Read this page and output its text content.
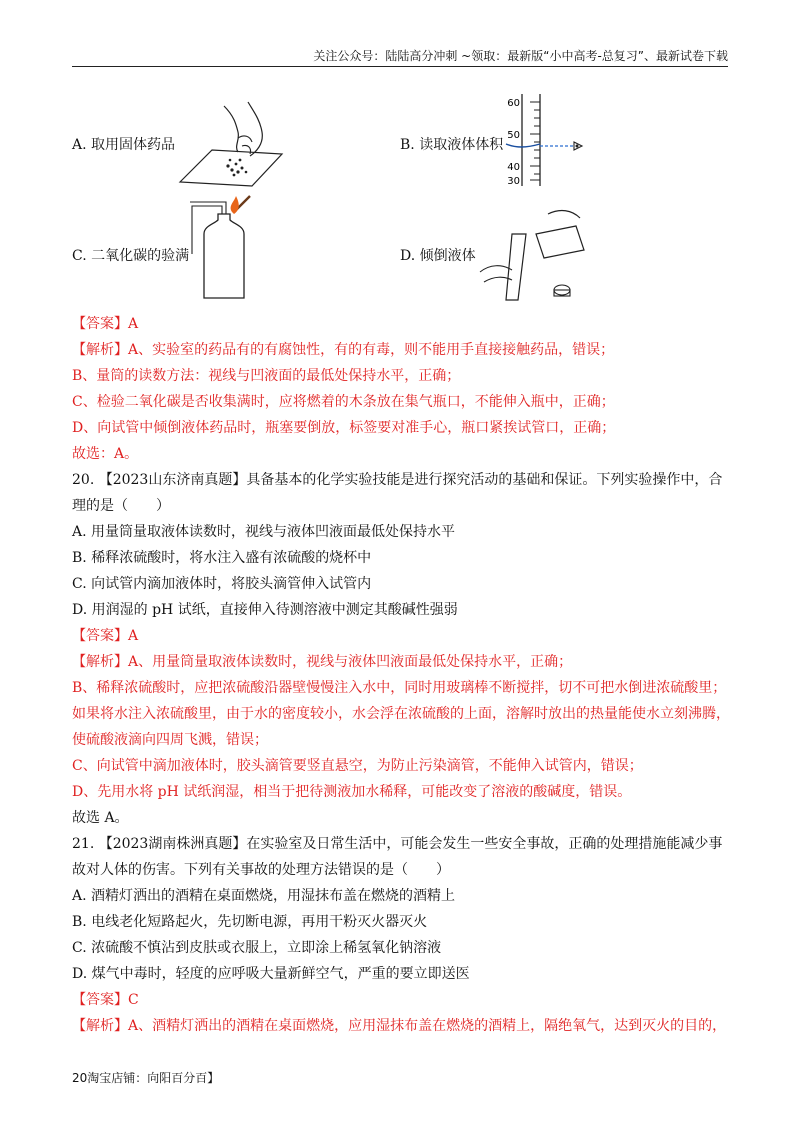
关注公众号：陆陆高分冲刺 ~领取：最新版“小中高考-总复习”、最新试卷下载
A. 取用固体药品	B. 读取液体体积
60
50
40
30
C. 二氧化碳的验满	D. 倾倒液体
【答案】A
【解析】A、实验室的药品有的有腐蚀性，有的有毒，则不能用手直接接触药品，错误；
B、量筒的读数方法：视线与凹液面的最低处保持水平，正确；
C、检验二氧化碳是否收集满时，应将燃着的木条放在集气瓶口，不能伸入瓶中，正确；
D、向试管中倾倒液体药品时，瓶塞要倒放，标签要对准手心，瓶口紧挨试管口，正确；
故选：A。
20. 【2023山东济南真题】具备基本的化学实验技能是进行探究活动的基础和保证。下列实验操作中，合
理的是（　　）
A. 用量筒量取液体读数时，视线与液体凹液面最低处保持水平
B. 稀释浓硫酸时，将水注入盛有浓硫酸的烧杯中
C. 向试管内滴加液体时，将胶头滴管伸入试管内
D. 用润湿的 pH 试纸，直接伸入待测溶液中测定其酸碱性强弱
【答案】A
【解析】A、用量筒量取液体读数时，视线与液体凹液面最低处保持水平，正确；
B、稀释浓硫酸时，应把浓硫酸沿器壁慢慢注入水中，同时用玻璃棒不断搅拌，切不可把水倒进浓硫酸里；
如果将水注入浓硫酸里，由于水的密度较小，水会浮在浓硫酸的上面，溶解时放出的热量能使水立刻沸腾，
使硫酸液滴向四周飞溅，错误；
C、向试管中滴加液体时，胶头滴管要竖直悬空，为防止污染滴管，不能伸入试管内，错误；
D、先用水将 pH 试纸润湿，相当于把待测液加水稀释，可能改变了溶液的酸碱度，错误。
故选 A。
21. 【2023湖南株洲真题】在实验室及日常生活中，可能会发生一些安全事故，正确的处理措施能减少事
故对人体的伤害。下列有关事故的处理方法错误的是（　　）
A. 酒精灯洒出的酒精在桌面燃烧，用湿抹布盖在燃烧的酒精上
B. 电线老化短路起火，先切断电源，再用干粉灭火器灭火
C. 浓硫酸不慎沾到皮肤或衣服上，立即涂上稀氢氧化钠溶液
D. 煤气中毒时，轻度的应呼吸大量新鲜空气，严重的要立即送医
【答案】C
【解析】A、酒精灯洒出的酒精在桌面燃烧，应用湿抹布盖在燃烧的酒精上，隔绝氧气，达到灭火的目的，
20淘宝店铺：向阳百分百】
